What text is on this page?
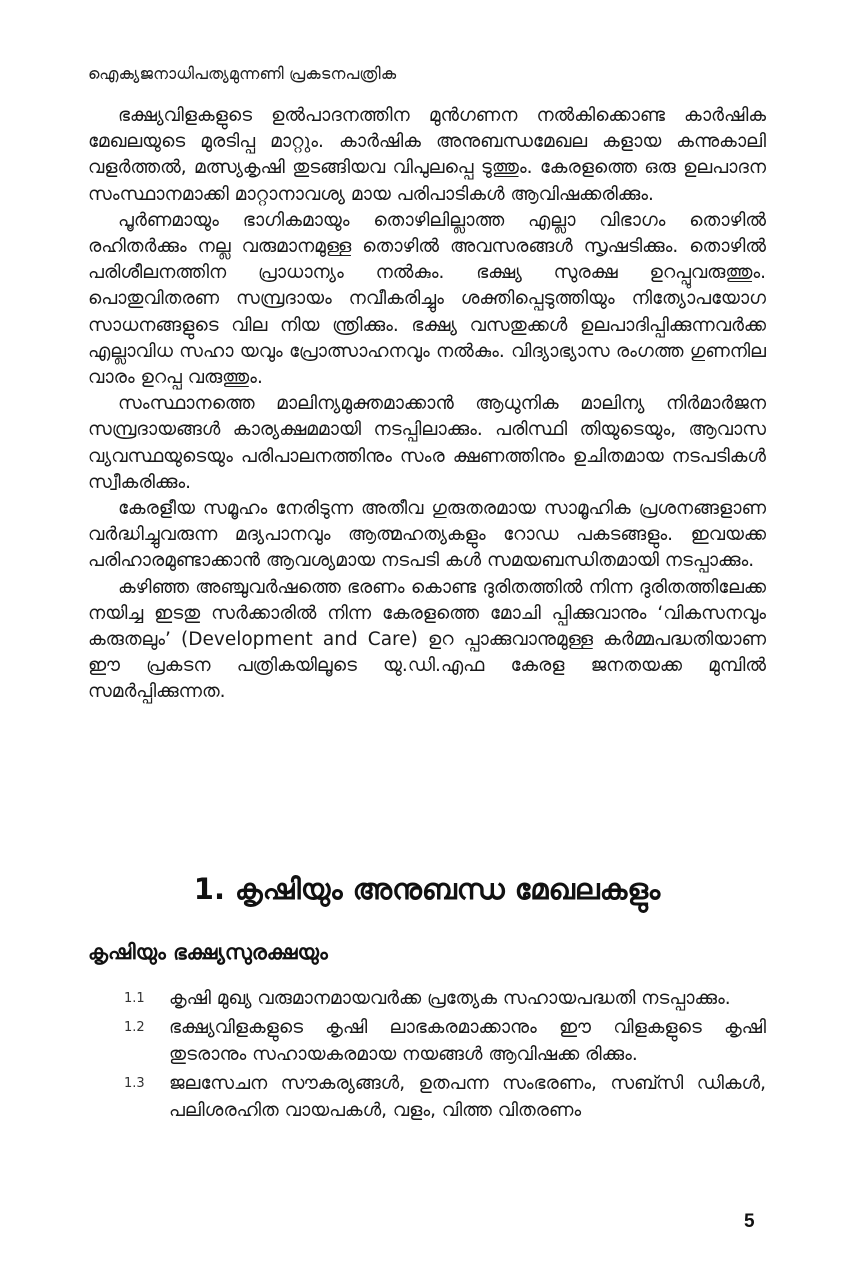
ഐക്യജനാധിപത്യമുന്നണി പ്രകടനപത്രിക

ഭക്ഷ്യവിളകളുടെ ഉൽപാദനത്തിന മുൻഗണന നൽകിക്കൊണ്ട കാർഷിക മേഖലയുടെ മുരടിപ്പ മാറ്റും. കാർഷിക അനുബന്ധമേഖല കളായ കന്നുകാലി വളർത്തൽ, മത്സ്യകൃഷി തുടങ്ങിയവ വിപുലപ്പെ ടുത്തും. കേരളത്തെ ഒരു ഉലപാദന സംസ്ഥാനമാക്കി മാറ്റാനാവശ്യ മായ പരിപാടികൾ ആവിഷക്കരിക്കും.

പൂർണമായും ഭാഗികമായും തൊഴിലില്ലാത്ത എല്ലാ വിഭാഗം തൊഴിൽ രഹിതർക്കും നല്ല വരുമാനമുള്ള തൊഴിൽ അവസരങ്ങൾ സൃഷടിക്കും. തൊഴിൽ പരിശീലനത്തിന പ്രാധാന്യം നൽകും. ഭക്ഷ്യ സുരക്ഷ ഉറപ്പുവരുത്തും. പൊതുവിതരണ സമ്പ്രദായം നവീകരിച്ചും ശക്തിപ്പെടുത്തിയും നിത്യോപയോഗ സാധനങ്ങളുടെ വില നിയ ന്ത്രിക്കും. ഭക്ഷ്യ വസതുക്കൾ ഉലപാദിപ്പിക്കുന്നവർക്ക എല്ലാവിധ സഹാ യവും പ്രോത്സാഹനവും നൽകും. വിദ്യാഭ്യാസ രംഗത്ത ഗുണനില വാരം ഉറപ്പ വരുത്തും.

സംസ്ഥാനത്തെ മാലിന്യമുക്തമാക്കാൻ ആധുനിക മാലിന്യ നിർമാർജന സമ്പ്രദായങ്ങൾ കാര്യക്ഷമമായി നടപ്പിലാക്കും. പരിസ്ഥി തിയുടെയും, ആവാസ വ്യവസ്ഥയുടെയും പരിപാലനത്തിനും സംര ക്ഷണത്തിനും ഉചിതമായ നടപടികൾ സ്വീകരിക്കും.

കേരളീയ സമൂഹം നേരിടുന്ന അതീവ ഗുരുതരമായ സാമൂഹിക പ്രശനങ്ങളാണ വർദ്ധിച്ചുവരുന്ന മദ്യപാനവും ആത്മഹത്യകളും റോഡ പകടങ്ങളും. ഇവയക്ക പരിഹാരമുണ്ടാക്കാൻ ആവശ്യമായ നടപടി കൾ സമയബന്ധിതമായി നടപ്പാക്കും.

കഴിഞ്ഞ അഞ്ചുവർഷത്തെ ഭരണം കൊണ്ട ദുരിതത്തിൽ നിന്ന ദുരിതത്തിലേക്ക നയിച്ച ഇടതു സർക്കാരിൽ നിന്ന കേരളത്തെ മോചി പ്പിക്കുവാനും ‘വികസനവും കരുതലും’ (Development and Care) ഉറ പ്പാക്കുവാനുമുള്ള കർമ്മപദ്ധതിയാണ ഈ പ്രകടന പത്രികയിലൂടെ യു.ഡി.എഫ കേരള ജനതയക്ക മുമ്പിൽ സമർപ്പിക്കുന്നത.

1. കൃഷിയും അനുബന്ധ മേഖലകളും
കൃഷിയും ഭക്ഷ്യസുരക്ഷയും
1.1	കൃഷി മുഖ്യ വരുമാനമായവർക്ക പ്രത്യേക സഹായപദ്ധതി നടപ്പാക്കും.
1.2	ഭക്ഷ്യവിളകളുടെ കൃഷി ലാഭകരമാക്കാനും ഈ വിളകളുടെ കൃഷി തുടരാനും സഹായകരമായ നയങ്ങൾ ആവിഷക്ക രിക്കും.
1.3	ജലസേചന സൗകര്യങ്ങൾ, ഉതപന്ന സംഭരണം, സബ്സി ഡികൾ, പലിശരഹിത വായപകൾ, വളം, വിത്ത വിതരണം
5
